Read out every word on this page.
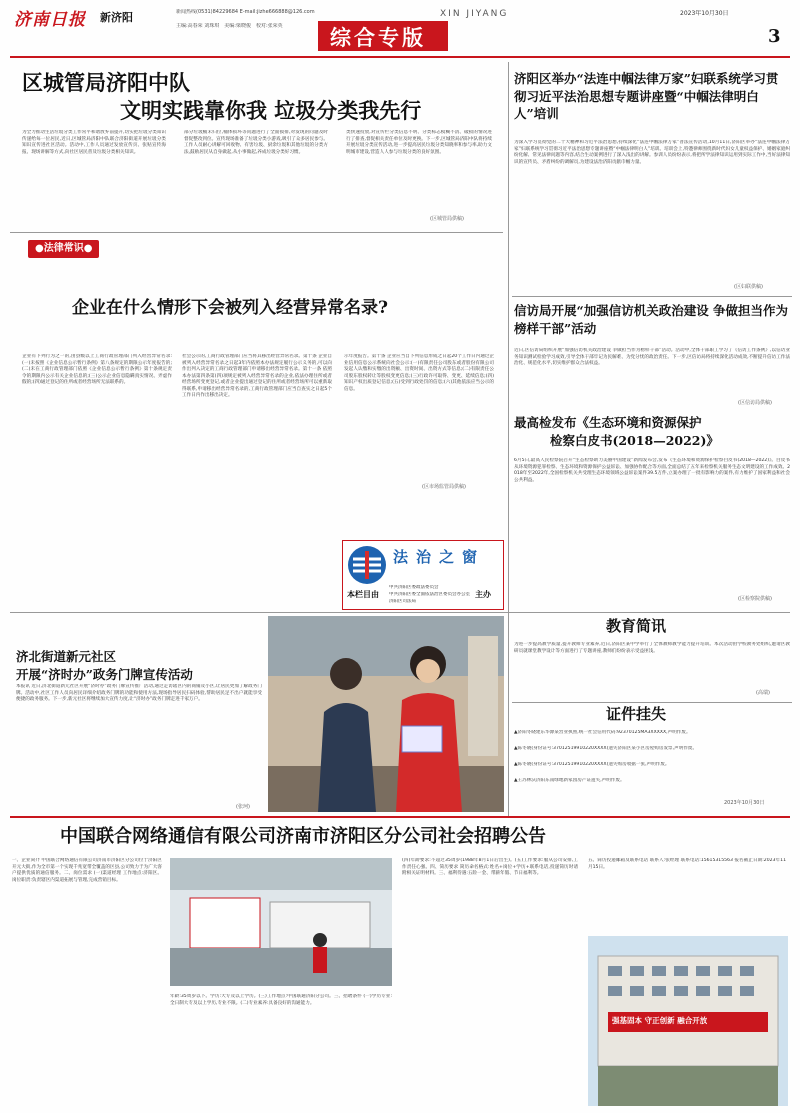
济南日报 新济阳	新闻热线(0531)84229684 E-mail:jizhe666888@126.com
主编:高春荣 刘珠琪　美编:梁晓俊　校对:张荣英
XIN JIYANG	2023年10月30日
综合专版	3
区城管局济阳中队
文明实践靠你我 垃圾分类我先行
为全力推动生活垃圾分类工作常平和谐放弃前提升,切实把垃圾分类知识传递给每一位居民,近日,区城管局济阳中队联合济阳街道开展垃圾分类知识宣传进社区活动。活动中,工作人员通过发放宣传页、张贴宣传海报、现场讲解等方式,向社区居民普及垃圾分类相关知识。
部分垃圾桶未归位,桶体损坏等问题进行了全面摸排,对发现的问题及时督促整改到位。宣传现场准备了垃圾分类小游戏,吸引了众多居民参与。工作人员耐心讲解可回收物、有害垃圾、厨余垃圾和其他垃圾的分类方法,鼓励居民从自身做起,从小事做起,养成垃圾分类好习惯。
类快速投放,对宣传栏分类信息不明、分类标志模糊不清、破损的情况进行了排查,督促相关责任单位及时更换。下一步,区城管局济阳中队将持续开展垃圾分类宣传活动,进一步提高居民垃圾分类知晓率和参与率,助力文明城市建设,营造人人参与垃圾分类的良好氛围。
(区城管局供稿)
济阳区举办“法连中帼法律万家”妇联系统学习贯彻习近平法治思想专题讲座暨“中帼法律明白人”培训
为深入学习贯彻党的二十大精神和习近平法治思想,持续深化“法连中帼法律万家”普法宣传活动,10月11日,济阳区举办“法连中帼法律万家”妇联系统学习贯彻习近平法治思想专题讲座暨“中帼法律明白人”培训。培训会上,特邀律师围绕新时代妇女儿童权益保护、婚姻家庭纠纷化解、常见法律问题等内容,结合生动案例进行了深入浅出的讲解。参训人员纷纷表示,将把所学法律知识运用到实际工作中,当好法律知识的宣传员、矛盾纠纷的调解员,为建设法治济阳贡献巾帼力量。
(区妇联供稿)
●法律常识●
企业在什么情形下会被列入经营异常名录?
企业有下列行为之一的,由县级以上工商行政管理部门列入经营异常名录:(一)未按照《企业信息公示暂行条例》第八条规定的期限公示年度报告的;(二)未在工商行政管理部门依照《企业信息公示暂行条例》第十条规定责令的期限内公示有关企业信息的;(三)公示企业信息隐瞒真实情况、弄虚作假的;(四)通过登记的住所或者经营场所无法联系的。
社会公示的,工商行政管理部门应当将其移出经营异常名录。第十条 企业自被列入经营异常名录之日起3年内依照本办法规定履行公示义务的,可以向作出列入决定的工商行政管理部门申请移出经营异常名录。第十一条 依照本办法第四条第(四)项规定被列入经营异常名录的企业,依法办理住所或者经营场所变更登记,或者企业提出通过登记的住所或者经营场所可以重新取得联系,申请移出经营异常名录的,工商行政管理部门应当自查实之日起5个工作日内作出移出决定。
示年度报告。第十条 企业应当自下列信息形成之日起20个工作日内通过企业信用信息公示系统向社会公示:(一)有限责任公司股东或者股份有限公司发起人认缴和实缴的出资额、出资时间、出资方式等信息;(二)有限责任公司股东股权转让等股权变更信息;(三)行政许可取得、变更、延续信息;(四)知识产权出质登记信息;(五)受到行政处罚的信息;(六)其他依法应当公示的信息。
(区市场监管局供稿)
法治之窗
本栏目由
中共济阳区委政法委员会
中共济阳区委全面依法治区委员会办公室
济阳区司法局
主办
信访局开展“加强信访机关政治建设 争做担当作为榜样干部”活动
近日,区信访局组织开展“加强信访机关政治建设 争做担当作为榜样干部”活动。活动中,全体干部职工学习了《信访工作条例》,以信访业务知识测试检验学习成效,引导全体干部牢记为民解难、为党分忧的政治责任。下一步,区信访局将持续深化活动成效,不断提升信访工作法治化、规范化水平,切实维护群众合法权益。
(区信访局供稿)
最高检发布《生态环境和资源保护
检察白皮书(2018—2022)》
6月5日,最高人民检察院召开“生态检察助力美丽中国建设”新闻发布会,发布《生态环境和资源保护检察白皮书(2018—2022)》。白皮书从环境资源犯罪检察、生态环境和资源保护公益诉讼、加强协作配合等方面,全面总结了五年来检察机关服务生态文明建设的工作成效。2018年至2022年,全国检察机关共受理生态环境领域公益诉讼案件39.5万件,立案办理了一批有影响力的案件,有力维护了国家利益和社会公共利益。
(区检察院供稿)
济北街道新元社区
开展“济时办”政务门牌宣传活动
本报讯 近日,济北街道新元社区开展“济时办”政务门牌宣传推广活动,通过走访辖区内的商铺及小区,让居民更加了解政务门牌。活动中,社区工作人员向居民详细介绍政务门牌的功能和使用方法,现场指导居民扫码体验,帮助居民足不出户就能享受便捷的政务服务。下一步,新元社区将继续加大宣传力度,让“济时办”政务门牌走进千家万户。
(张珂)
教育简讯
为进一步提高教学质量,提升教师专业素养,近日,济阳区某中学举行了全体教师教学能力提升培训。本次活动由学校教务处组织,邀请区教研员就课堂教学设计等方面进行了专题讲座,教师们纷纷表示受益匪浅。
(高瑞)
证件挂失
▲济阳冬晓建东华源某营业执照,统一社会信用代码:92370125MA3XXXXX,声明作废。
▲陈冬晓(身份证号:37012519910220XXXX)遗失济阳区某小区房屋购房发票,声明作废。
▲陈冬晓(身份证号:37012519910220XXXX)遗失购房收据一张,声明作废。
▲王苏林沃济阳东南绿地新家园房产证遗失,声明作废。
2023年10月30日
中国联合网络通信有限公司济南市济阳区分公司社会招聘公告
一、企业简介 中国联合网络通信有限公司济南市济阳区分公司位于济阳区开元大街,作为全市第一个实现千兆宽带全覆盖的区县,公司致力于为广大客户提供优质的通信服务。二、岗位需求 (一)渠道经理 工作地点:济阳区。岗位职责:负责辖区内渠道拓展与管理,完成营销目标。
年龄:35周岁以下。学历:大专及以上学历。(三)工作地点:中国联通济阳分公司。三、招聘条件 (一)学历专业:全日制大专及以上学历,专业不限。(二)专业素养:具备良好的沟通能力。
(四)年龄要求:不超过35周岁(1988年8月1日后出生)。(五)工作要求:服从公司安排,工作责任心强。四、简历要求 简历命名格式:姓名+岗位+学历+联系电话,投递简历时请附相关证明材料。三、福利待遇:五险一金、带薪年假、节日福利等。
五、简历投递邮箱及联系电话 联系人:张经理 联系电话:15615315563 报名截止日期:2023年11月15日。
强基固本 守正创新 融合开放
